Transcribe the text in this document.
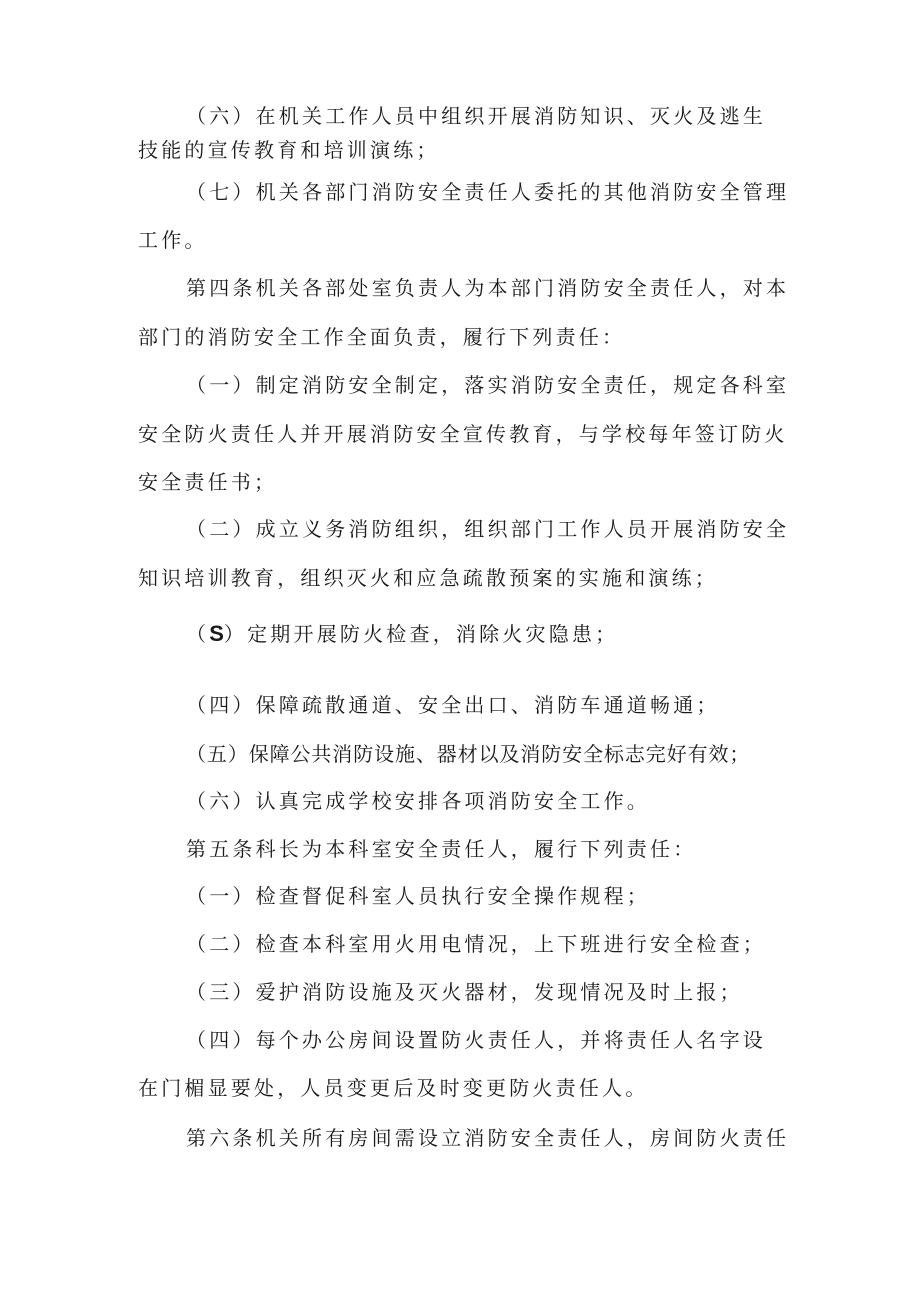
（六）在机关工作人员中组织开展消防知识、灭火及逃生
技能的宣传教育和培训演练；
（七）机关各部门消防安全责任人委托的其他消防安全管理
工作。
第四条机关各部处室负责人为本部门消防安全责任人，对本
部门的消防安全工作全面负责，履行下列责任：
（一）制定消防安全制定，落实消防安全责任，规定各科室
安全防火责任人并开展消防安全宣传教育，与学校每年签订防火
安全责任书；
（二）成立义务消防组织，组织部门工作人员开展消防安全
知识培训教育，组织灭火和应急疏散预案的实施和演练；
（S）定期开展防火检查，消除火灾隐患；
（四）保障疏散通道、安全出口、消防车通道畅通；
（五）保障公共消防设施、器材以及消防安全标志完好有效；
（六）认真完成学校安排各项消防安全工作。
第五条科长为本科室安全责任人，履行下列责任：
（一）检查督促科室人员执行安全操作规程；
（二）检查本科室用火用电情况，上下班进行安全检查；
（三）爱护消防设施及灭火器材，发现情况及时上报；
（四）每个办公房间设置防火责任人，并将责任人名字设
在门楣显要处，人员变更后及时变更防火责任人。
第六条机关所有房间需设立消防安全责任人，房间防火责任
